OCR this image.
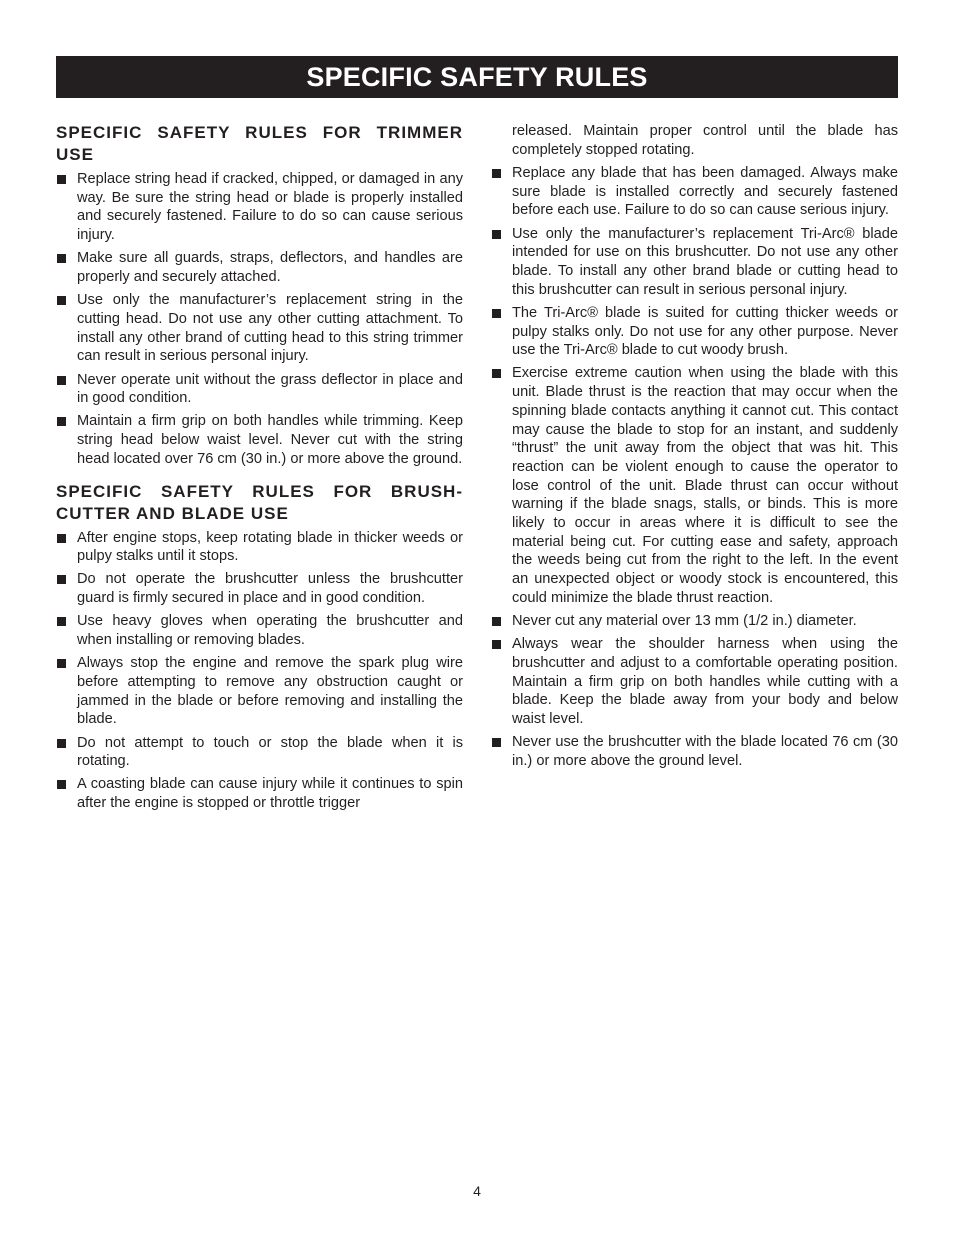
SPECIFIC SAFETY RULES
SPECIFIC SAFETY RULES FOR TRIMMER USE
Replace string head if cracked, chipped, or damaged in any way. Be sure the string head or blade is properly installed and securely fastened. Failure to do so can cause serious injury.
Make sure all guards, straps, deflectors, and handles are properly and securely attached.
Use only the manufacturer’s replacement string in the cutting head. Do not use any other cutting attachment. To install any other brand of cutting head to this string trimmer can result in serious personal injury.
Never operate unit without the grass deflector in place and in good condition.
Maintain a firm grip on both handles while trimming. Keep string head below waist level. Never cut with the string head located over 76 cm (30 in.) or more above the ground.
SPECIFIC SAFETY RULES FOR BRUSH-CUTTER AND BLADE USE
After engine stops, keep rotating blade in thicker weeds or pulpy stalks until it stops.
Do not operate the brushcutter unless the brushcutter guard is firmly secured in place and in good condition.
Use heavy gloves when operating the brushcutter and when installing or removing blades.
Always stop the engine and remove the spark plug wire before attempting to remove any obstruction caught or jammed in the blade or before removing and installing the blade.
Do not attempt to touch or stop the blade when it is rotating.
A coasting blade can cause injury while it continues to spin after the engine is stopped or throttle trigger
released. Maintain proper control until the blade has completely stopped rotating.
Replace any blade that has been damaged. Always make sure blade is installed correctly and securely fastened before each use. Failure to do so can cause serious injury.
Use only the manufacturer’s replacement Tri-Arc® blade intended for use on this brushcutter. Do not use any other blade. To install any other brand blade or cutting head to this brushcutter can result in serious personal injury.
The Tri-Arc® blade is suited for cutting thicker weeds or pulpy stalks only. Do not use for any other purpose. Never use the Tri-Arc® blade to cut woody brush.
Exercise extreme caution when using the blade with this unit. Blade thrust is the reaction that may occur when the spinning blade contacts anything it cannot cut. This contact may cause the blade to stop for an instant, and suddenly “thrust” the unit away from the object that was hit. This reaction can be violent enough to cause the operator to lose control of the unit. Blade thrust can occur without warning if the blade snags, stalls, or binds. This is more likely to occur in areas where it is difficult to see the material being cut. For cutting ease and safety, approach the weeds being cut from the right to the left. In the event an unexpected object or woody stock is encountered, this could minimize the blade thrust reaction.
Never cut any material over 13 mm (1/2 in.) diameter.
Always wear the shoulder harness when using the brushcutter and adjust to a comfortable operating position. Maintain a firm grip on both handles while cutting with a blade. Keep the blade away from your body and below waist level.
Never use the brushcutter with the blade located 76 cm (30 in.) or more above the ground level.
4
